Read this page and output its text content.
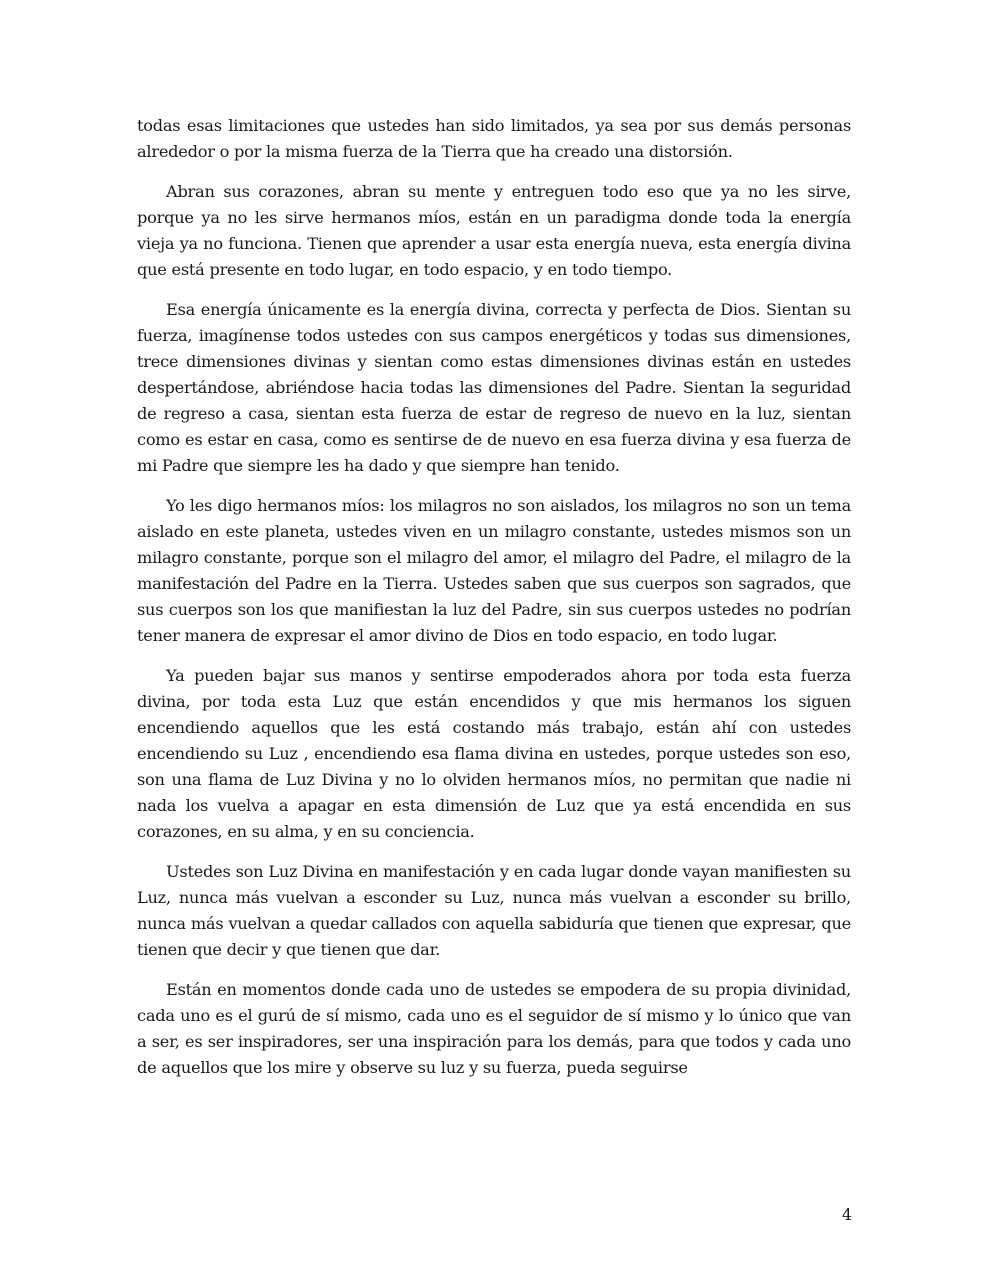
todas esas limitaciones que ustedes han sido limitados, ya sea por sus demás personas alrededor o por la misma fuerza de la Tierra que ha creado una distorsión.

Abran sus corazones, abran su mente y entreguen todo eso que ya no les sirve, porque ya no les sirve hermanos míos, están en un paradigma donde toda la energía vieja ya no funciona. Tienen que aprender a usar esta energía nueva, esta energía divina que está presente en todo lugar, en todo espacio, y en todo tiempo.

Esa energía únicamente es la energía divina, correcta y perfecta de Dios. Sientan su fuerza, imagínense todos ustedes con sus campos energéticos y todas sus dimensiones, trece dimensiones divinas y sientan como estas dimensiones divinas están en ustedes despertándose, abriéndose hacia todas las dimensiones del Padre. Sientan la seguridad de regreso a casa, sientan esta fuerza de estar de regreso de nuevo en la luz, sientan como es estar en casa, como es sentirse de de nuevo en esa fuerza divina y esa fuerza de mi Padre que siempre les ha dado y que siempre han tenido.

Yo les digo hermanos míos: los milagros no son aislados, los milagros no son un tema aislado en este planeta, ustedes viven en un milagro constante, ustedes mismos son un milagro constante, porque son el milagro del amor, el milagro del Padre, el milagro de la manifestación del Padre en la Tierra. Ustedes saben que sus cuerpos son sagrados, que sus cuerpos son los que manifiestan la luz del Padre, sin sus cuerpos ustedes no podrían tener manera de expresar el amor divino de Dios en todo espacio, en todo lugar.

Ya pueden bajar sus manos y sentirse empoderados ahora por toda esta fuerza divina, por toda esta Luz que están encendidos y que mis hermanos los siguen encendiendo aquellos que les está costando más trabajo, están ahí con ustedes encendiendo su Luz , encendiendo esa flama divina en ustedes, porque ustedes son eso, son una flama de Luz Divina y no lo olviden hermanos míos, no permitan que nadie ni nada los vuelva a apagar en esta dimensión de Luz que ya está encendida en sus corazones, en su alma, y en su conciencia.

Ustedes son Luz Divina en manifestación y en cada lugar donde vayan manifiesten su Luz, nunca más vuelvan a esconder su Luz, nunca más vuelvan a esconder su brillo, nunca más vuelvan a quedar callados con aquella sabiduría que tienen que expresar, que tienen que decir y que tienen que dar.

Están en momentos donde cada uno de ustedes se empodera de su propia divinidad, cada uno es el gurú de sí mismo, cada uno es el seguidor de sí mismo y lo único que van a ser, es ser inspiradores, ser una inspiración para los demás, para que todos y cada uno de aquellos que los mire y observe su luz y su fuerza, pueda seguirse

4
